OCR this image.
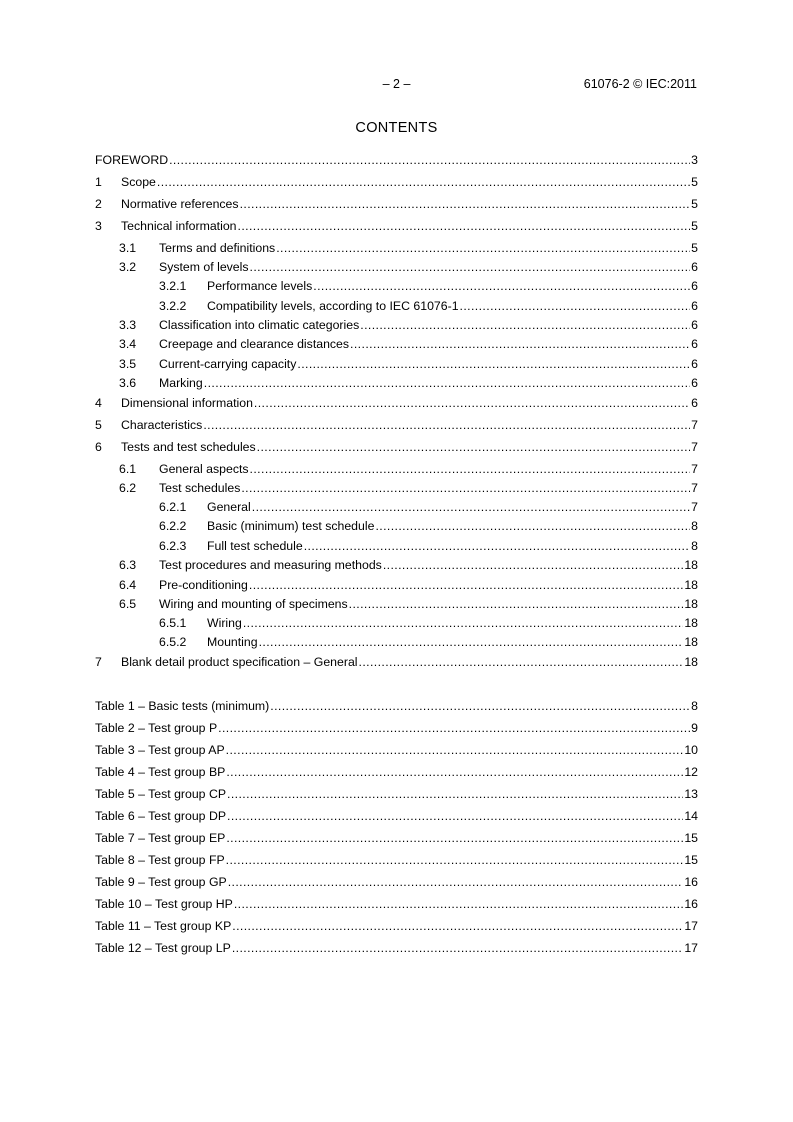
– 2 –	61076-2 © IEC:2011
CONTENTS
FOREWORD .....	3
1	Scope .....	5
2	Normative references .....	5
3	Technical information .....	5
3.1	Terms and definitions .....	5
3.2	System of levels .....	6
3.2.1	Performance levels .....	6
3.2.2	Compatibility levels, according to IEC 61076-1 .....	6
3.3	Classification into climatic categories .....	6
3.4	Creepage and clearance distances .....	6
3.5	Current-carrying capacity .....	6
3.6	Marking .....	6
4	Dimensional information .....	6
5	Characteristics .....	7
6	Tests and test schedules .....	7
6.1	General aspects .....	7
6.2	Test schedules .....	7
6.2.1	General .....	7
6.2.2	Basic (minimum) test schedule .....	8
6.2.3	Full test schedule .....	8
6.3	Test procedures and measuring methods .....	18
6.4	Pre-conditioning .....	18
6.5	Wiring and mounting of specimens .....	18
6.5.1	Wiring .....	18
6.5.2	Mounting .....	18
7	Blank detail product specification – General .....	18
Table 1 – Basic tests (minimum) .....	8
Table 2 – Test group P .....	9
Table 3 – Test group AP .....	10
Table 4 – Test group BP .....	12
Table 5 – Test group CP .....	13
Table 6 – Test group DP .....	14
Table 7 – Test group EP .....	15
Table 8 – Test group FP .....	15
Table 9 – Test group GP .....	16
Table 10 – Test group HP .....	16
Table 11 – Test group KP .....	17
Table 12 – Test group LP .....	17
